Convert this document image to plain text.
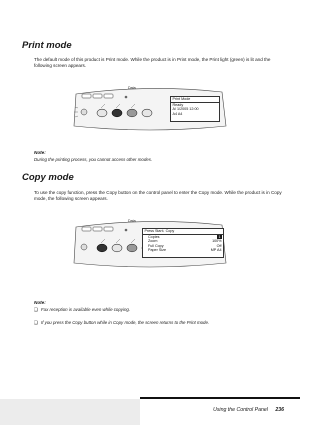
Print mode
The default mode of this product is Print mode. While the product is in Print mode, the Print light (green) is lit and the following screen appears.
Data
Print Mode
Ready
A/ 1/2005 12:00
A4 A4
Note:
During the printing process, you cannot access other modes.
Copy mode
To use the copy function, press the Copy button on the control panel to enter the Copy mode. While the product is in Copy mode, the following screen appears.
Data
Press Start↓ Copy
Copies	1
Zoom	100%
Full Copy	Off
Paper Size	MP A4
Note:
❑ Fax reception is available even while copying.
❑ If you press the Copy button while in Copy mode, the screen returns to the Print mode.
Using the Control Panel 236
